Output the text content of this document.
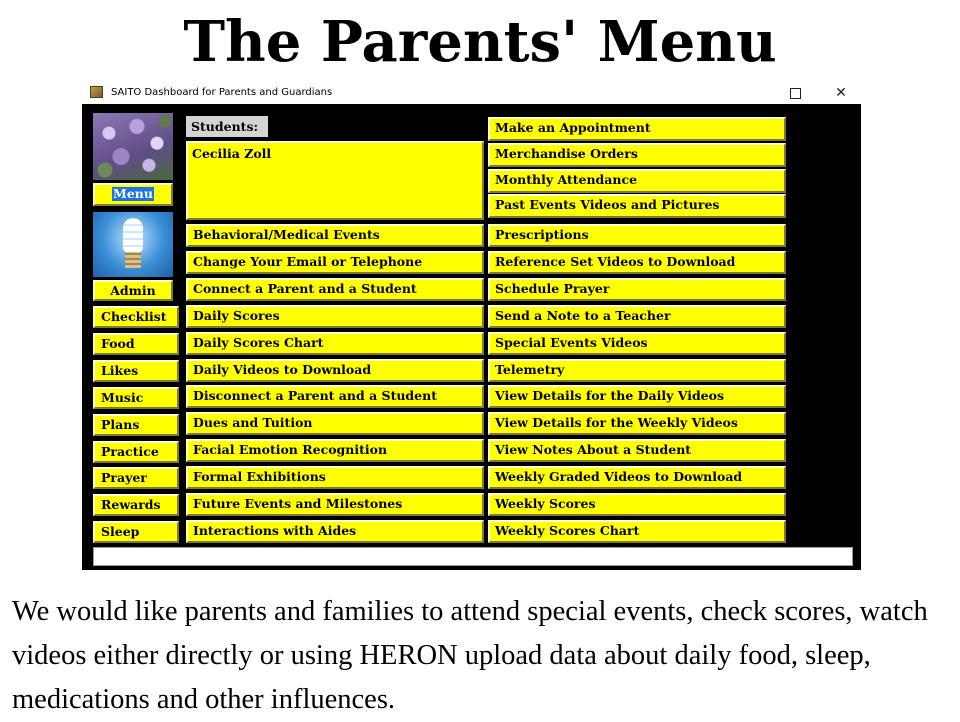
The Parents' Menu
SAITO Dashboard for Parents and Guardians	✕
Menu
Admin
Checklist
Food
Likes
Music
Plans
Practice
Prayer
Rewards
Sleep
Students:
Cecilia Zoll
Make an Appointment
Merchandise Orders
Monthly Attendance
Past Events Videos and Pictures
Behavioral/Medical Events
Change Your Email or Telephone
Connect a Parent and a Student
Daily Scores
Daily Scores Chart
Daily Videos to Download
Disconnect a Parent and a Student
Dues and Tuition
Facial Emotion Recognition
Formal Exhibitions
Future Events and Milestones
Interactions with Aides
Prescriptions
Reference Set Videos to Download
Schedule Prayer
Send a Note to a Teacher
Special Events Videos
Telemetry
View Details for the Daily Videos
View Details for the Weekly Videos
View Notes About a Student
Weekly Graded Videos to Download
Weekly Scores
Weekly Scores Chart
We would like parents and families to attend special events, check scores, watch videos either directly or using HERON upload data about daily food, sleep, medications and other influences.
